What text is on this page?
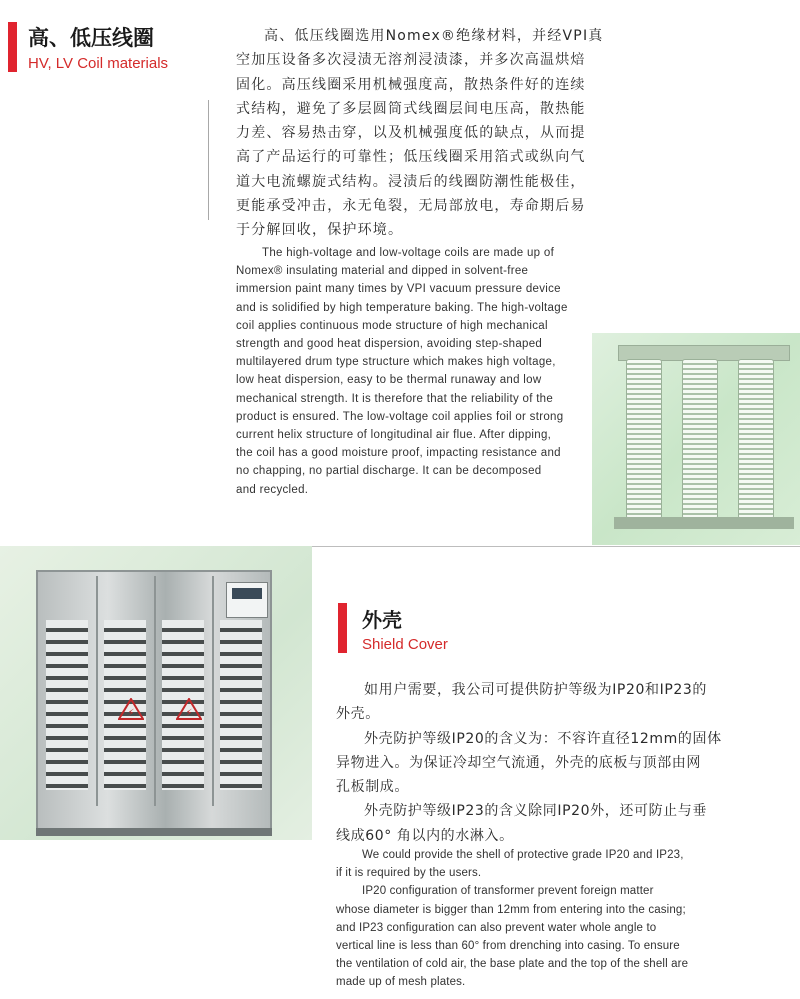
高、低压线圈
HV, LV Coil materials
高、低压线圈选用Nomex®绝缘材料，并经VPI真
空加压设备多次浸渍无溶剂浸渍漆，并多次高温烘焙
固化。高压线圈采用机械强度高，散热条件好的连续
式结构，避免了多层圆筒式线圈层间电压高，散热能
力差、容易热击穿，以及机械强度低的缺点，从而提
高了产品运行的可靠性；低压线圈采用箔式或纵向气
道大电流螺旋式结构。浸渍后的线圈防潮性能极佳，
更能承受冲击，永无龟裂，无局部放电，寿命期后易
于分解回收，保护环境。
The high-voltage and low-voltage coils are made up of
Nomex® insulating material and dipped in solvent-free
immersion paint many times by VPI vacuum pressure device
and is solidified by high temperature baking. The high-voltage
coil applies continuous mode structure of high mechanical
strength and good heat dispersion, avoiding step-shaped
multilayered drum type structure which makes high voltage,
low heat dispersion, easy to be thermal runaway and low
mechanical strength. It is therefore that the reliability of the
product is ensured. The low-voltage coil applies foil or strong
current helix structure of longitudinal air flue. After dipping,
the coil has a good moisture proof, impacting resistance and
no chapping, no partial discharge. It can be decomposed
and recycled.
⚡	⚡
外壳
Shield Cover
如用户需要，我公司可提供防护等级为IP20和IP23的
外壳。
外壳防护等级IP20的含义为：不容许直径12mm的固体
异物进入。为保证冷却空气流通，外壳的底板与顶部由网
孔板制成。
外壳防护等级IP23的含义除同IP20外，还可防止与垂
线成60° 角以内的水淋入。
We could provide the shell of protective grade IP20 and IP23,
if it is required by the users.
IP20 configuration of transformer prevent foreign matter
whose diameter is bigger than 12mm from entering into the casing;
and IP23 configuration can also prevent water whole angle to
vertical line is less than 60° from drenching into casing. To ensure
the ventilation of cold air, the base plate and the top of the shell are
made up of mesh plates.
